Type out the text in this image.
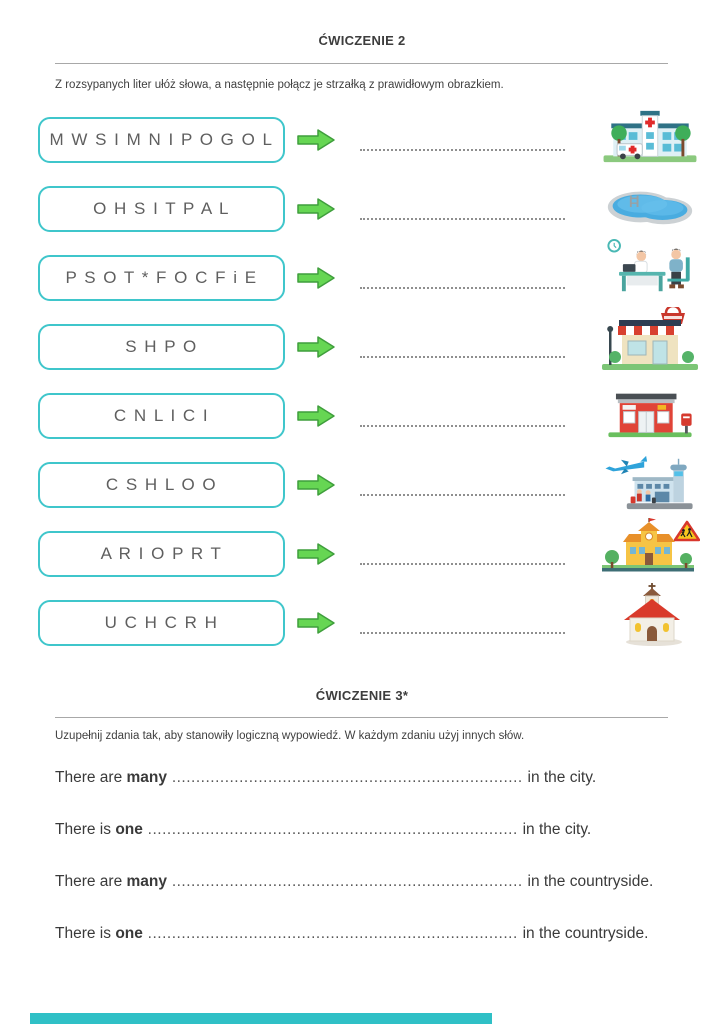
ĆWICZENIE 2
Z rozsypanych liter ułóż słowa, a następnie połącz je strzałką z prawidłowym obrazkiem.
M W S I M N I P O G O L
O H S I T P A L
P S O T * F O C F i E
S H P O
C N L I C I
C S H L O O
A R I O P R T
U C H C R H
ĆWICZENIE 3*
Uzupełnij zdania tak, aby stanowiły logiczną wypowiedź. W każdym zdaniu użyj innych słów.
There are many ......................................................................... in the city.
There is one ............................................................................. in the city.
There are many ......................................................................... in the countryside.
There is one ............................................................................. in the countryside.
